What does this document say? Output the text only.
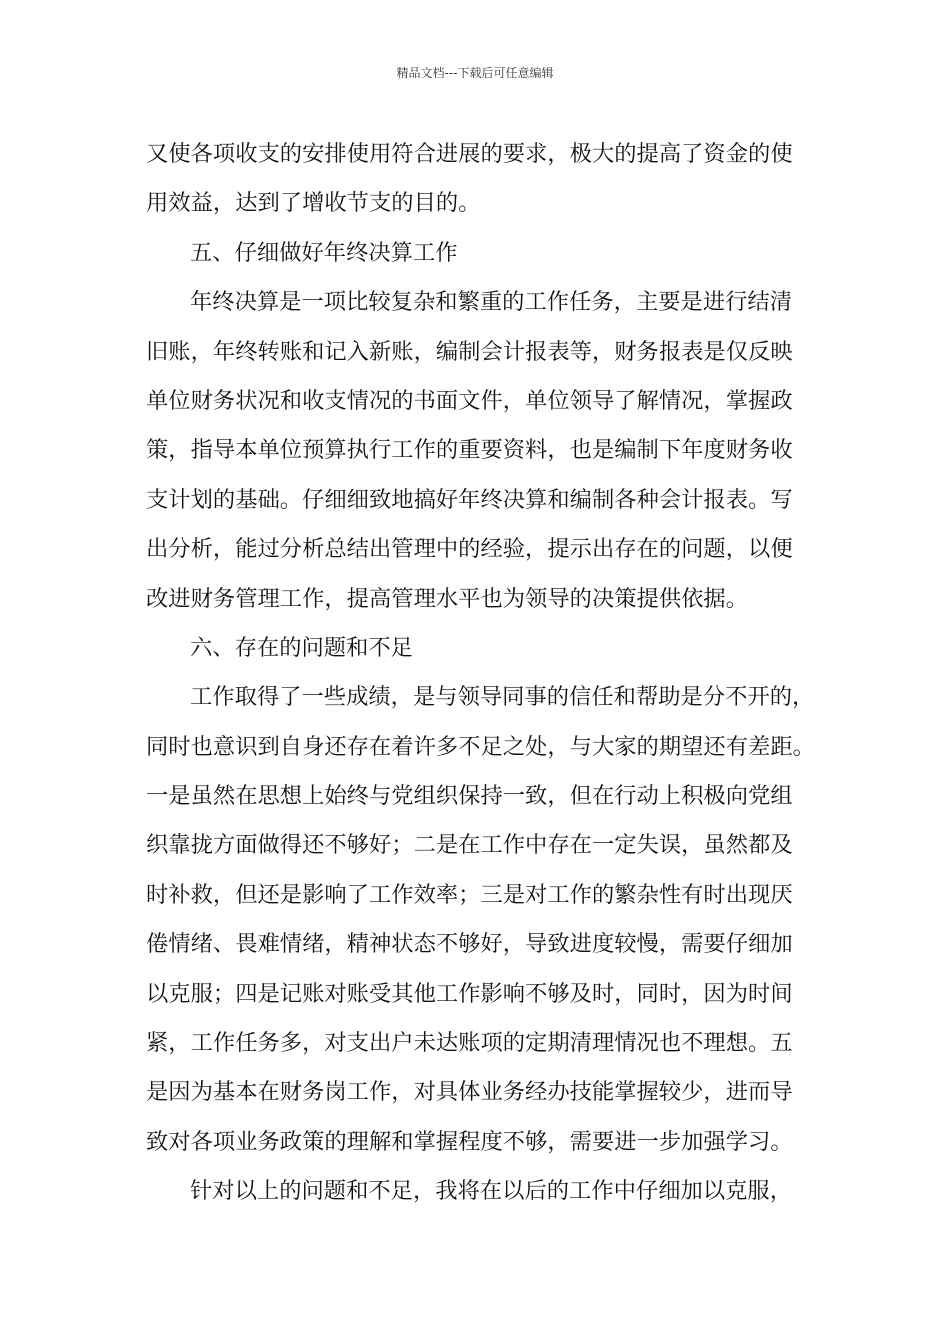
精品文档---下载后可任意编辑
又使各项收支的安排使用符合进展的要求，极大的提高了资金的使
用效益，达到了增收节支的目的。
五、仔细做好年终决算工作
年终决算是一项比较复杂和繁重的工作任务，主要是进行结清
旧账，年终转账和记入新账，编制会计报表等，财务报表是仅反映
单位财务状况和收支情况的书面文件，单位领导了解情况，掌握政
策，指导本单位预算执行工作的重要资料，也是编制下年度财务收
支计划的基础。仔细细致地搞好年终决算和编制各种会计报表。写
出分析，能过分析总结出管理中的经验，提示出存在的问题，以便
改进财务管理工作，提高管理水平也为领导的决策提供依据。
六、存在的问题和不足
工作取得了一些成绩，是与领导同事的信任和帮助是分不开的，
同时也意识到自身还存在着许多不足之处，与大家的期望还有差距。
一是虽然在思想上始终与党组织保持一致，但在行动上积极向党组
织靠拢方面做得还不够好；二是在工作中存在一定失误，虽然都及
时补救，但还是影响了工作效率；三是对工作的繁杂性有时出现厌
倦情绪、畏难情绪，精神状态不够好，导致进度较慢，需要仔细加
以克服；四是记账对账受其他工作影响不够及时，同时，因为时间
紧，工作任务多，对支出户未达账项的定期清理情况也不理想。五
是因为基本在财务岗工作，对具体业务经办技能掌握较少，进而导
致对各项业务政策的理解和掌握程度不够，需要进一步加强学习。
针对以上的问题和不足，我将在以后的工作中仔细加以克服，
